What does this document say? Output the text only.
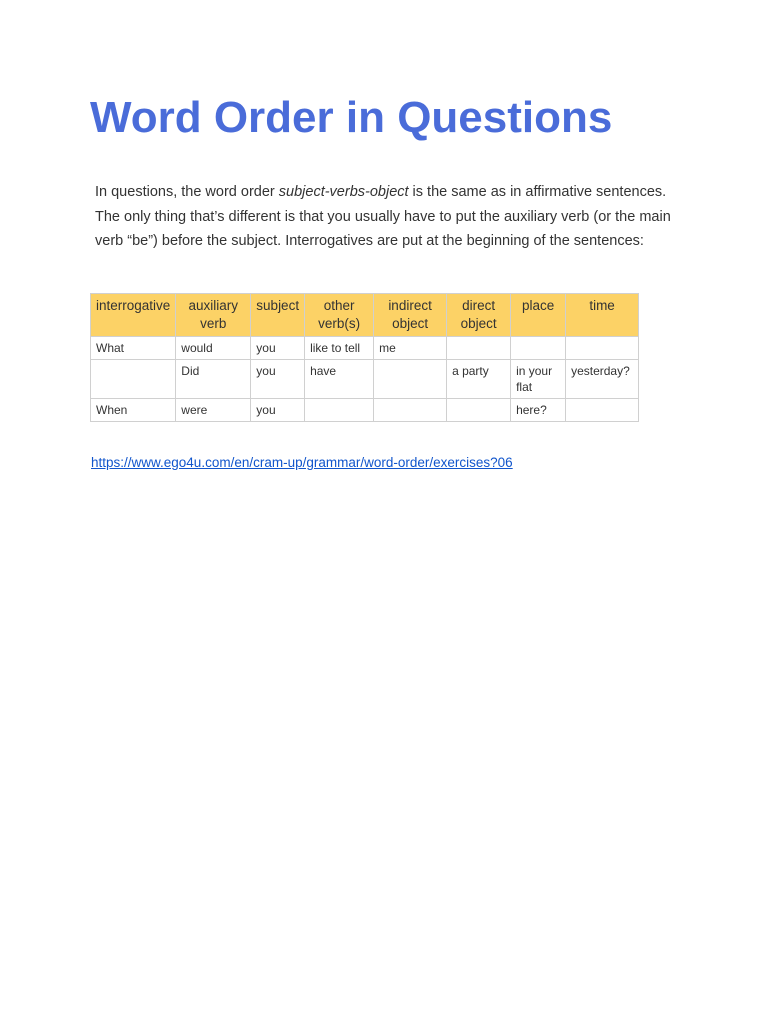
Word Order in Questions

In questions, the word order subject-verbs-object is the same as in affirmative sentences. The only thing that’s different is that you usually have to put the auxiliary verb (or the main verb “be”) before the subject. Interrogatives are put at the beginning of the sentences:

interrogative	auxiliary verb	subject	other verb(s)	indirect object	direct object	place	time
What	would	you	like to tell	me			
	Did	you	have		a party	in your flat	yesterday?
When	were	you				here?	
https://www.ego4u.com/en/cram-up/grammar/word-order/exercises?06
